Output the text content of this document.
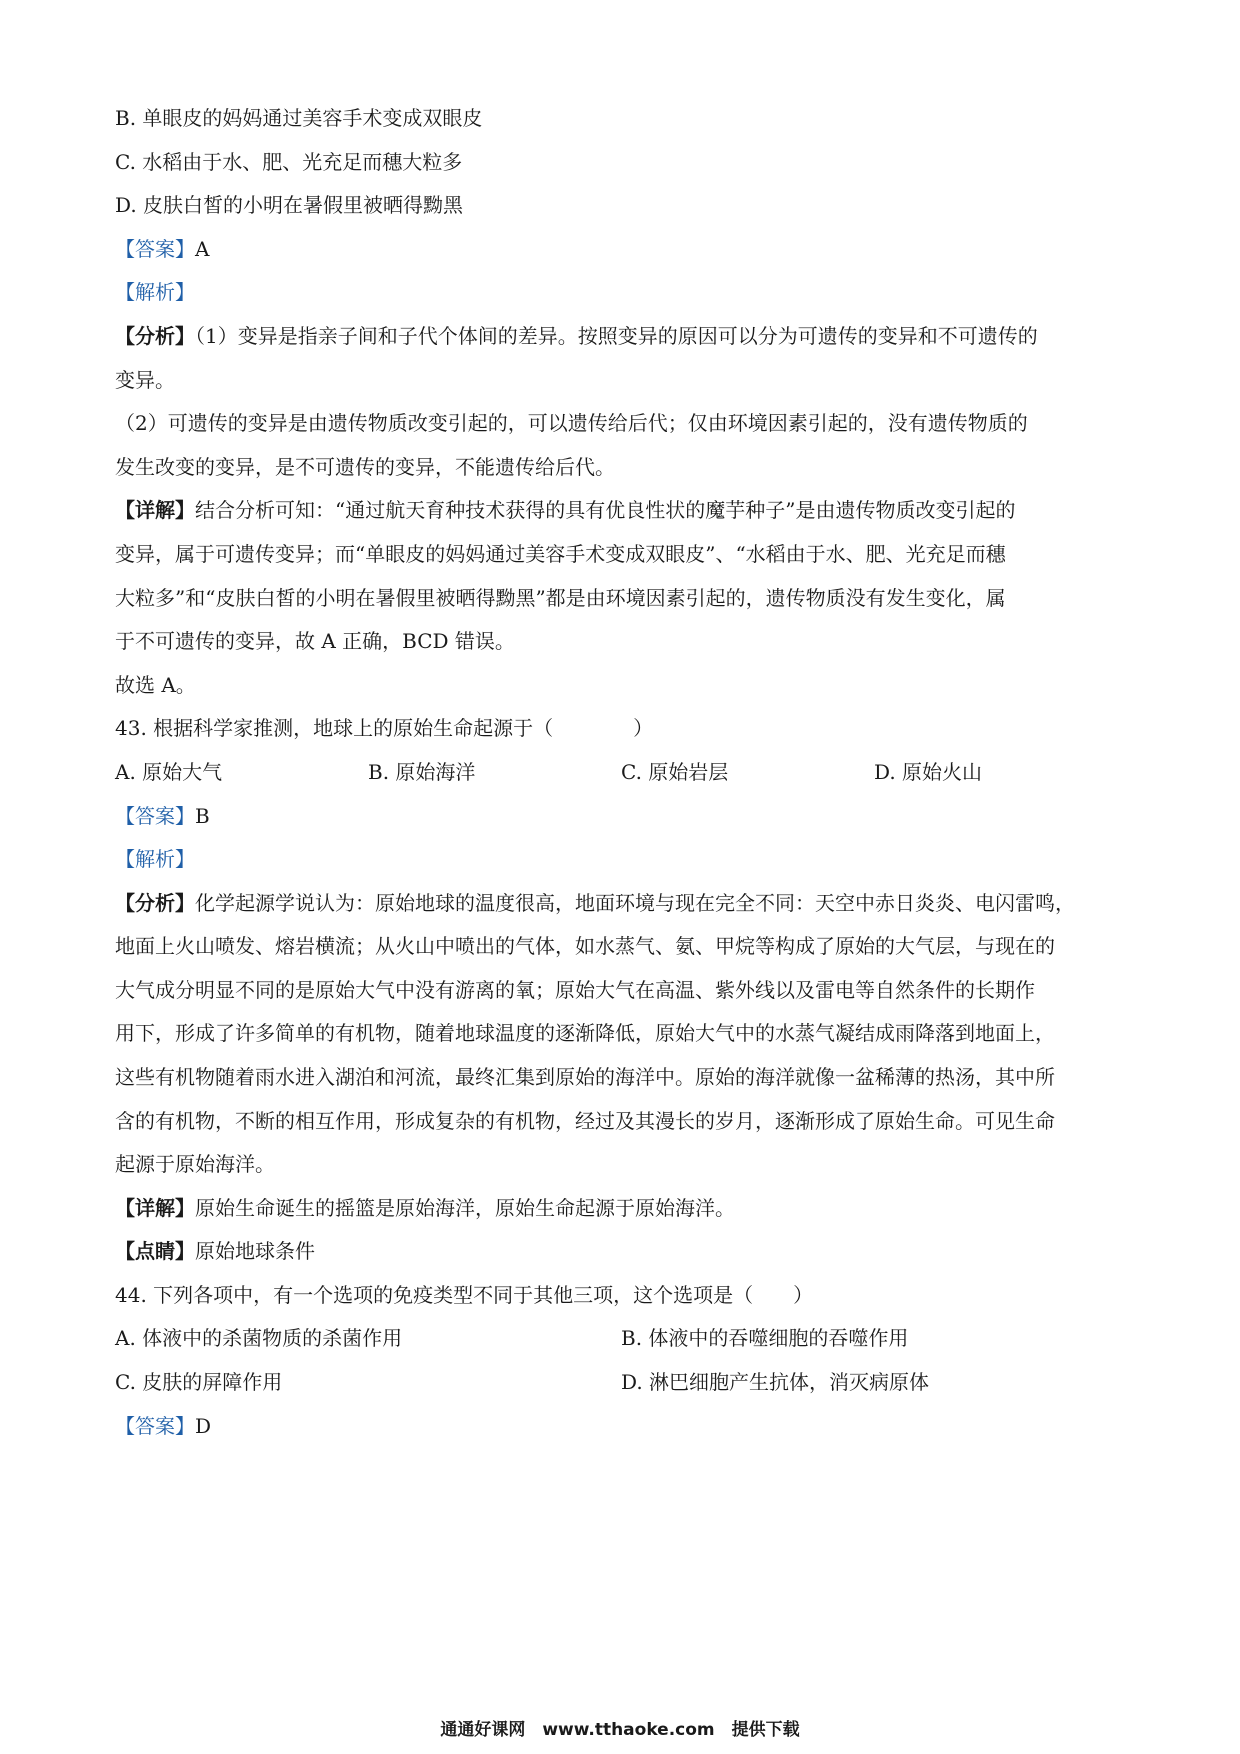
B. 单眼皮的妈妈通过美容手术变成双眼皮
C. 水稻由于水、肥、光充足而穗大粒多
D. 皮肤白皙的小明在暑假里被晒得黝黑
【答案】A
【解析】
【分析】（1）变异是指亲子间和子代个体间的差异。按照变异的原因可以分为可遗传的变异和不可遗传的
变异。
（2）可遗传的变异是由遗传物质改变引起的，可以遗传给后代；仅由环境因素引起的，没有遗传物质的
发生改变的变异，是不可遗传的变异，不能遗传给后代。
【详解】结合分析可知：“通过航天育种技术获得的具有优良性状的魔芋种子”是由遗传物质改变引起的
变异，属于可遗传变异；而“单眼皮的妈妈通过美容手术变成双眼皮”、“水稻由于水、肥、光充足而穗
大粒多”和“皮肤白皙的小明在暑假里被晒得黝黑”都是由环境因素引起的，遗传物质没有发生变化，属
于不可遗传的变异，故 A 正确，BCD 错误。
故选 A。
43. 根据科学家推测，地球上的原始生命起源于（　　　　）
A. 原始大气	B. 原始海洋	C. 原始岩层	D. 原始火山
【答案】B
【解析】
【分析】化学起源学说认为：原始地球的温度很高，地面环境与现在完全不同：天空中赤日炎炎、电闪雷鸣，
地面上火山喷发、熔岩横流；从火山中喷出的气体，如水蒸气、氨、甲烷等构成了原始的大气层，与现在的
大气成分明显不同的是原始大气中没有游离的氧；原始大气在高温、紫外线以及雷电等自然条件的长期作
用下，形成了许多简单的有机物，随着地球温度的逐渐降低，原始大气中的水蒸气凝结成雨降落到地面上，
这些有机物随着雨水进入湖泊和河流，最终汇集到原始的海洋中。原始的海洋就像一盆稀薄的热汤，其中所
含的有机物，不断的相互作用，形成复杂的有机物，经过及其漫长的岁月，逐渐形成了原始生命。可见生命
起源于原始海洋。
【详解】原始生命诞生的摇篮是原始海洋，原始生命起源于原始海洋。
【点睛】原始地球条件
44. 下列各项中，有一个选项的免疫类型不同于其他三项，这个选项是（　　）
A. 体液中的杀菌物质的杀菌作用	B. 体液中的吞噬细胞的吞噬作用
C. 皮肤的屏障作用	D. 淋巴细胞产生抗体，消灭病原体
【答案】D
通通好课网　www.tthaoke.com　提供下载
